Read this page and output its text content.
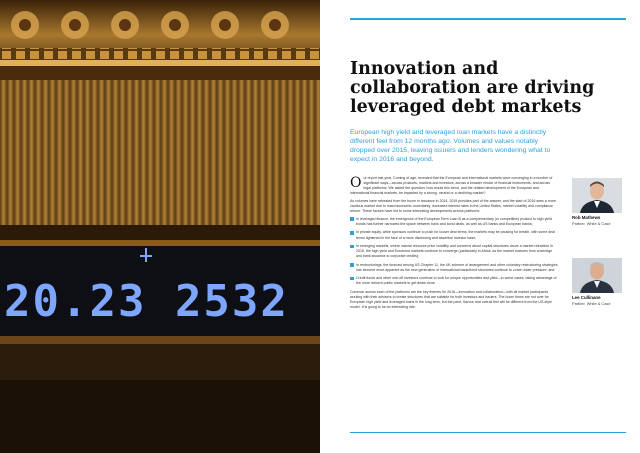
20.23 2532
Innovation and
collaboration are driving
leveraged debt markets

European high yield and leveraged loan markets have a distinctly different feel from 12 months ago. Volumes and values notably dropped over 2015, leaving issuers and lenders wondering what to expect in 2016 and beyond.

Our report last year, Coming of age, revealed that the European and international markets were converging in a number of significant ways—across products, markets and investors, across a broader choice of financial instruments, and across legal platforms. We asked the question: how would this trend, and the related development of the European and international financial markets, be impacted by a strong, neutral or a declining market?

As volumes have retreated from the boom in issuance in 2014, 2015 provides part of the answer, and the start of 2016 sees a more cautious market due to macroeconomic uncertainty, increased interest rates in the United States, market volatility and compliance reform. These factors have led to some interesting developments across platforms:

In leveraged finance, the emergence of the European Term Loan B as a complementary (or competitive) product to high yield bonds has further narrowed the space between bank and bond deals, as well as US banks and European banks;
In private equity, while sponsors continue to push for looser deal terms, the markets may be pausing for breath, with some deal terms tightened in the face of a more discerning and assertive investor base;
In emerging markets, where natural resource price volatility and concerns about capital structures drove a market retraction in 2015, the high yield and Eurobond markets continue to converge (particularly in Africa, as the market matures from sovereign and bank issuance to corporate credits);
In restructurings, the forecast among US Chapter 11, the UK scheme of arrangement and other voluntary restructuring strategies has become more apparent as the new generation of international bank/bond structures continue to come under pressure; and
Credit funds and other one-off investors continue to look for unique opportunities and yield—in some cases, taking advantage of the more reticent public markets to get deals done.

Common across each of the platforms are the key themes for 2016—innovation and collaboration—with all market participants working with their advisers to create structures that are suitable for both investors and issuers. The boom times are not over for European high yield and leveraged loans in the long term, but the pace, flavour and overall feel will be different from the US-style model. It is going to be an interesting ride.

Rob Mathews
Partner, White & Case
Lee Cullinane
Partner, White & Case
